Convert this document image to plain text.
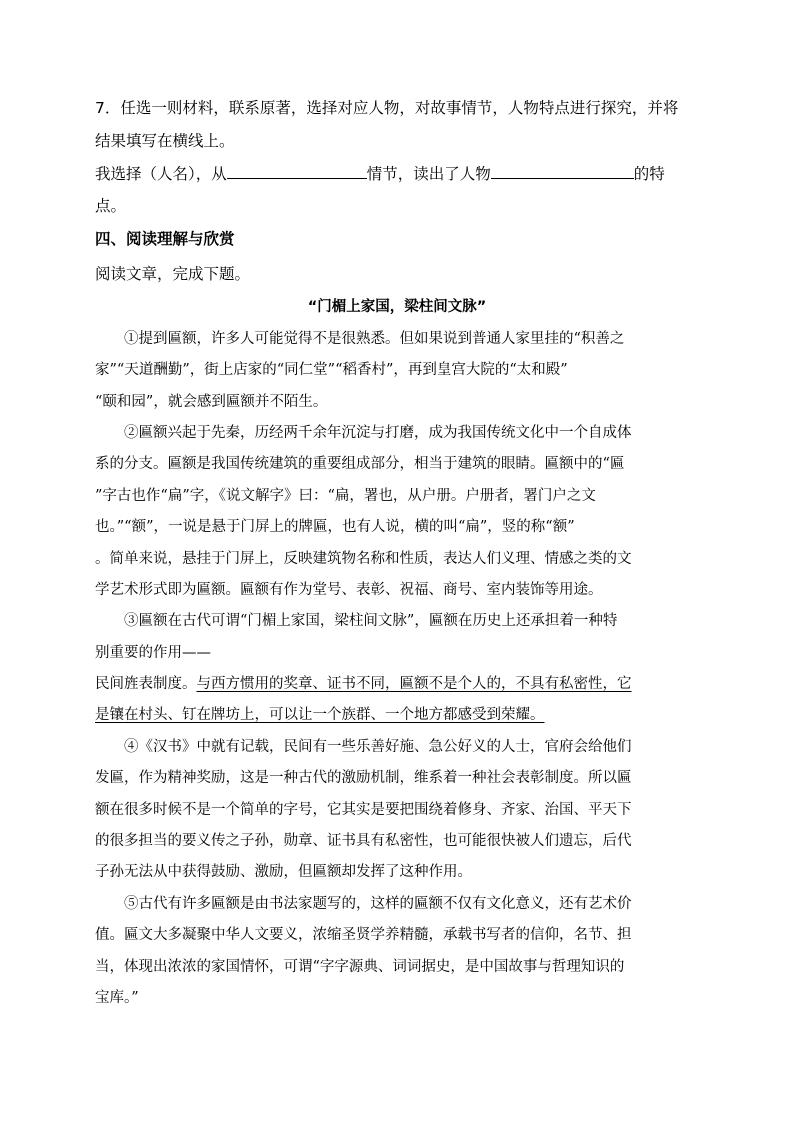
7．任选一则材料，联系原著，选择对应人物，对故事情节，人物特点进行探究，并将
结果填写在横线上。
我选择（人名），从	情节，读出了人物	的特
点。
四、阅读理解与欣赏
阅读文章，完成下题。
“门楣上家国，梁柱间文脉”
①提到匾额，许多人可能觉得不是很熟悉。但如果说到普通人家里挂的“积善之
家”“天道酬勤”，街上店家的“同仁堂”“稻香村”，再到皇宫大院的“太和殿”
“颐和园”，就会感到匾额并不陌生。
②匾额兴起于先秦，历经两千余年沉淀与打磨，成为我国传统文化中一个自成体
系的分支。匾额是我国传统建筑的重要组成部分，相当于建筑的眼睛。匾额中的“匾
”字古也作“扁”字，《说文解字》曰：“扁，署也，从户册。户册者，署门户之文
也。”“额”，一说是悬于门屏上的牌匾，也有人说，横的叫“扁”，竖的称“额”
。简单来说，悬挂于门屏上，反映建筑物名称和性质，表达人们义理、情感之类的文
学艺术形式即为匾额。匾额有作为堂号、表彰、祝福、商号、室内装饰等用途。
③匾额在古代可谓“门楣上家国，梁柱间文脉”，匾额在历史上还承担着一种特
别重要的作用——
民间旌表制度。与西方惯用的奖章、证书不同，匾额不是个人的，不具有私密性，它
是镶在村头、钉在牌坊上，可以让一个族群、一个地方都感受到荣耀。
④《汉书》中就有记载，民间有一些乐善好施、急公好义的人士，官府会给他们
发匾，作为精神奖励，这是一种古代的激励机制，维系着一种社会表彰制度。所以匾
额在很多时候不是一个简单的字号，它其实是要把围绕着修身、齐家、治国、平天下
的很多担当的要义传之子孙，勋章、证书具有私密性，也可能很快被人们遗忘，后代
子孙无法从中获得鼓励、激励，但匾额却发挥了这种作用。
⑤古代有许多匾额是由书法家题写的，这样的匾额不仅有文化意义，还有艺术价
值。匾文大多凝聚中华人文要义，浓缩圣贤学养精髓，承载书写者的信仰，名节、担
当，体现出浓浓的家国情怀，可谓“字字源典、词词据史，是中国故事与哲理知识的
宝库。”
